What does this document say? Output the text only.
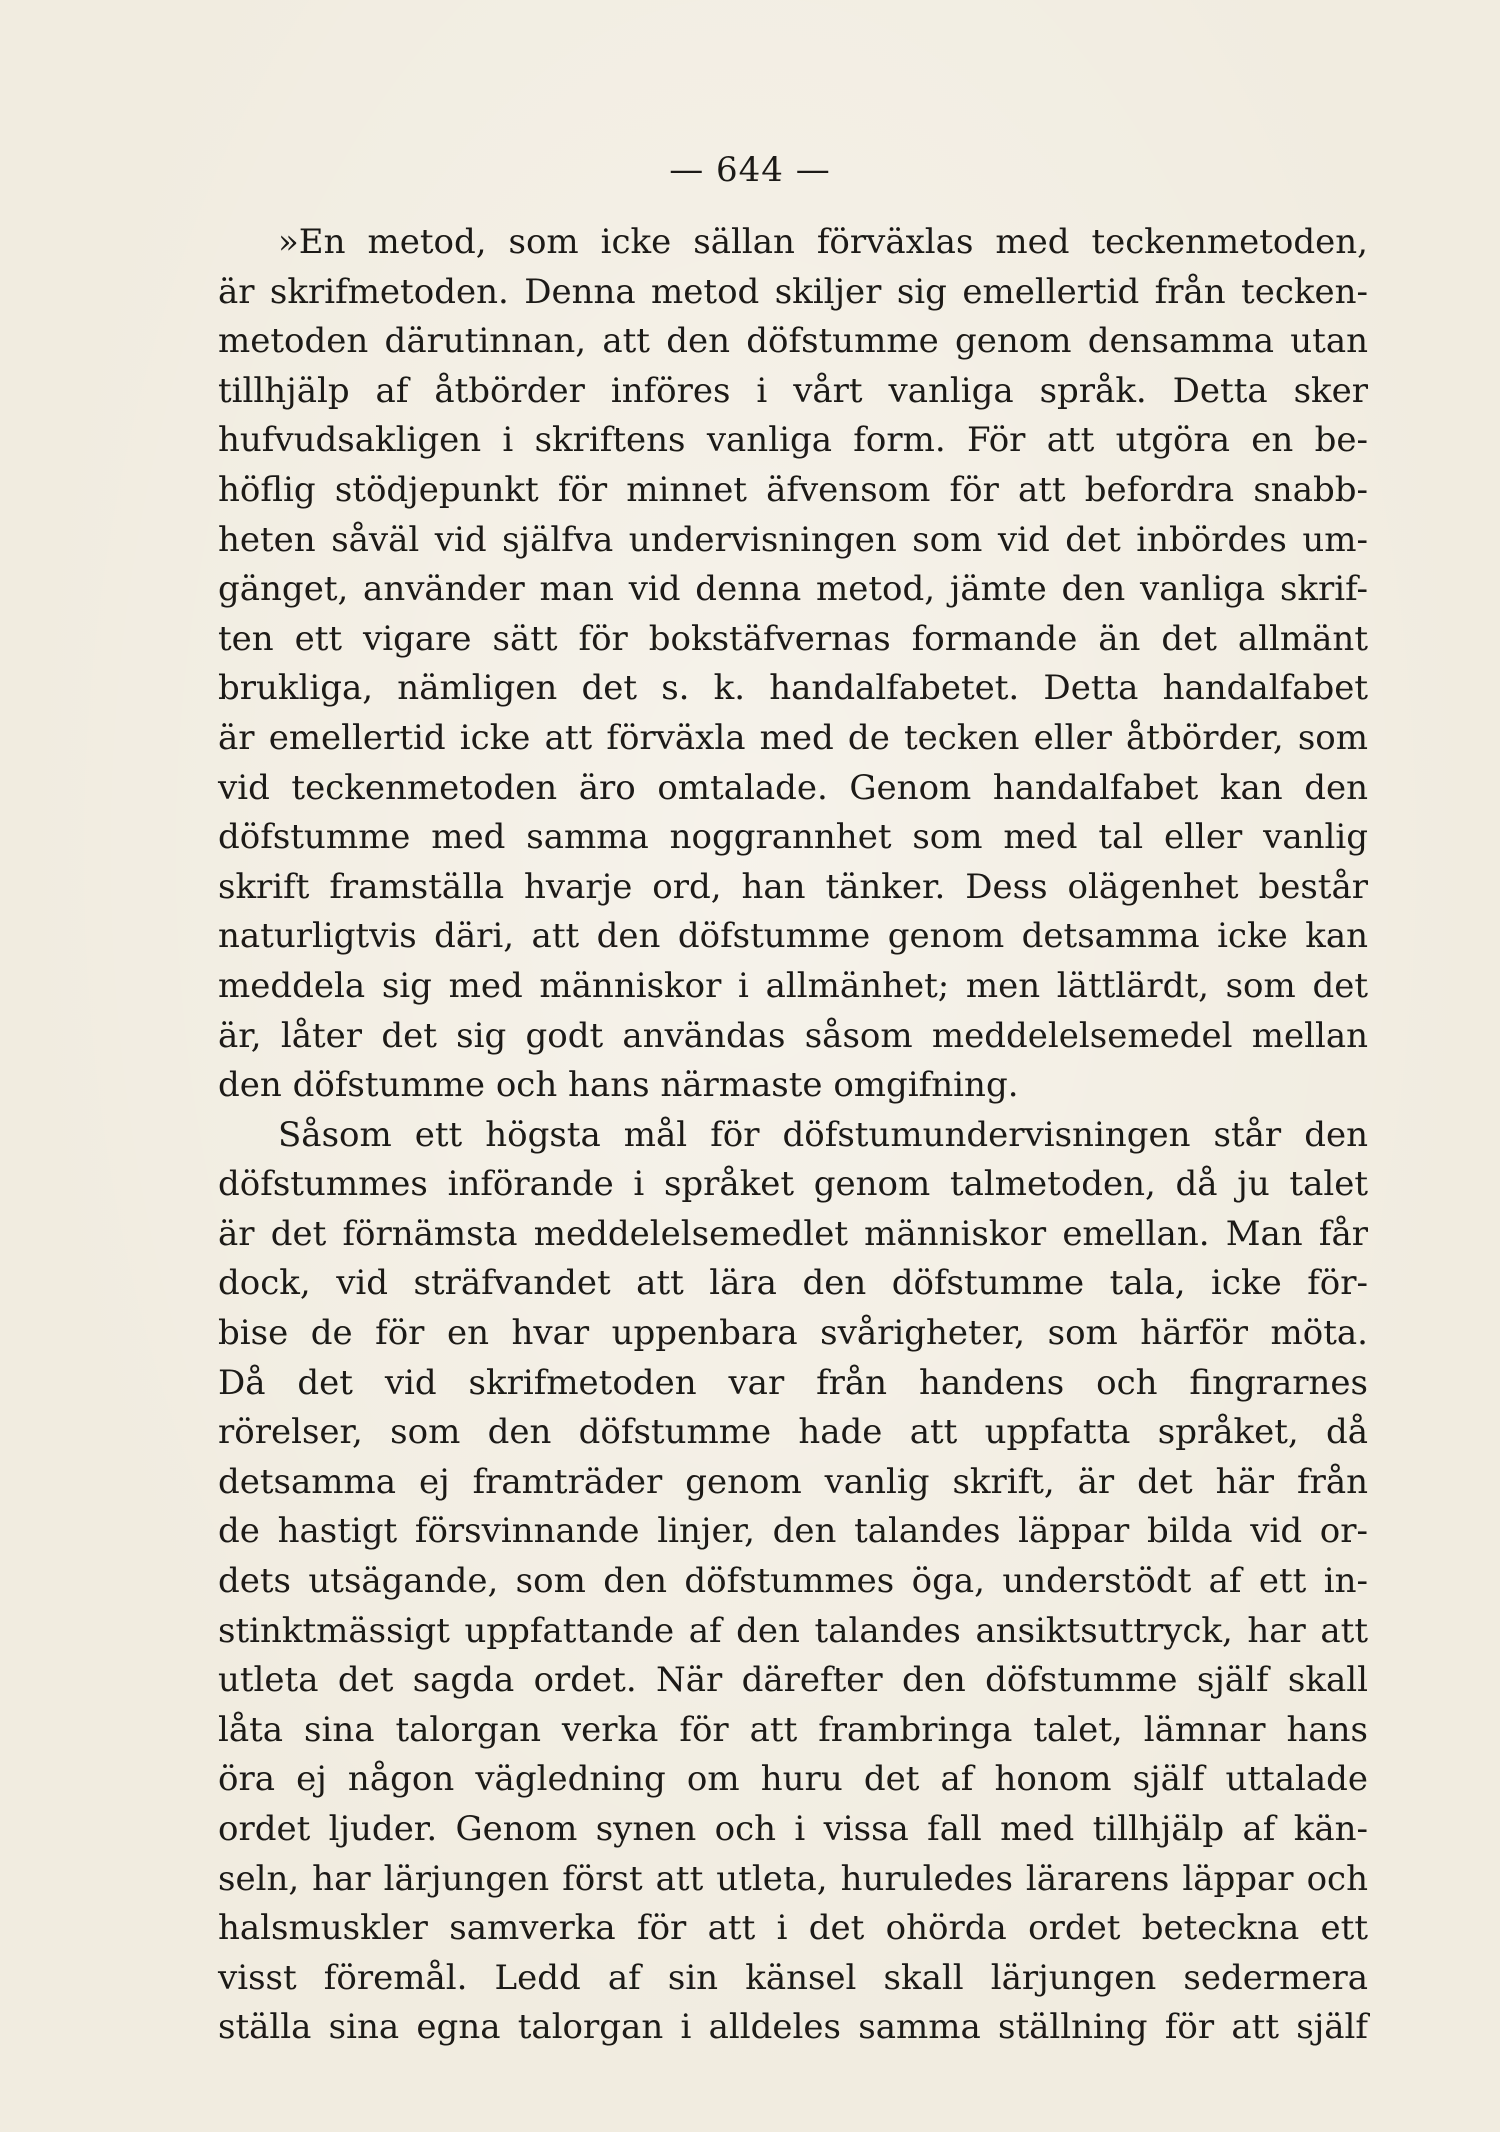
— 644 —
»En metod, som icke sällan förväxlas med teckenmetoden,
är skrifmetoden. Denna metod skiljer sig emellertid från tecken-
metoden därutinnan, att den döfstumme genom densamma utan
tillhjälp af åtbörder införes i vårt vanliga språk. Detta sker
hufvudsakligen i skriftens vanliga form. För att utgöra en be-
höflig stödjepunkt för minnet äfvensom för att befordra snabb-
heten såväl vid själfva undervisningen som vid det inbördes um-
gänget, använder man vid denna metod, jämte den vanliga skrif-
ten ett vigare sätt för bokstäfvernas formande än det allmänt
brukliga, nämligen det s. k. handalfabetet. Detta handalfabet
är emellertid icke att förväxla med de tecken eller åtbörder, som
vid teckenmetoden äro omtalade. Genom handalfabet kan den
döfstumme med samma noggrannhet som med tal eller vanlig
skrift framställa hvarje ord, han tänker. Dess olägenhet består
naturligtvis däri, att den döfstumme genom detsamma icke kan
meddela sig med människor i allmänhet; men lättlärdt, som det
är, låter det sig godt användas såsom meddelelsemedel mellan
den döfstumme och hans närmaste omgifning.
Såsom ett högsta mål för döfstumundervisningen står den
döfstummes införande i språket genom talmetoden, då ju talet
är det förnämsta meddelelsemedlet människor emellan. Man får
dock, vid sträfvandet att lära den döfstumme tala, icke för-
bise de för en hvar uppenbara svårigheter, som härför möta.
Då det vid skrifmetoden var från handens och fingrarnes
rörelser, som den döfstumme hade att uppfatta språket, då
detsamma ej framträder genom vanlig skrift, är det här från
de hastigt försvinnande linjer, den talandes läppar bilda vid or-
dets utsägande, som den döfstummes öga, understödt af ett in-
stinktmässigt uppfattande af den talandes ansiktsuttryck, har att
utleta det sagda ordet. När därefter den döfstumme själf skall
låta sina talorgan verka för att frambringa talet, lämnar hans
öra ej någon vägledning om huru det af honom själf uttalade
ordet ljuder. Genom synen och i vissa fall med tillhjälp af kän-
seln, har lärjungen först att utleta, huruledes lärarens läppar och
halsmuskler samverka för att i det ohörda ordet beteckna ett
visst föremål. Ledd af sin känsel skall lärjungen sedermera
ställa sina egna talorgan i alldeles samma ställning för att själf
